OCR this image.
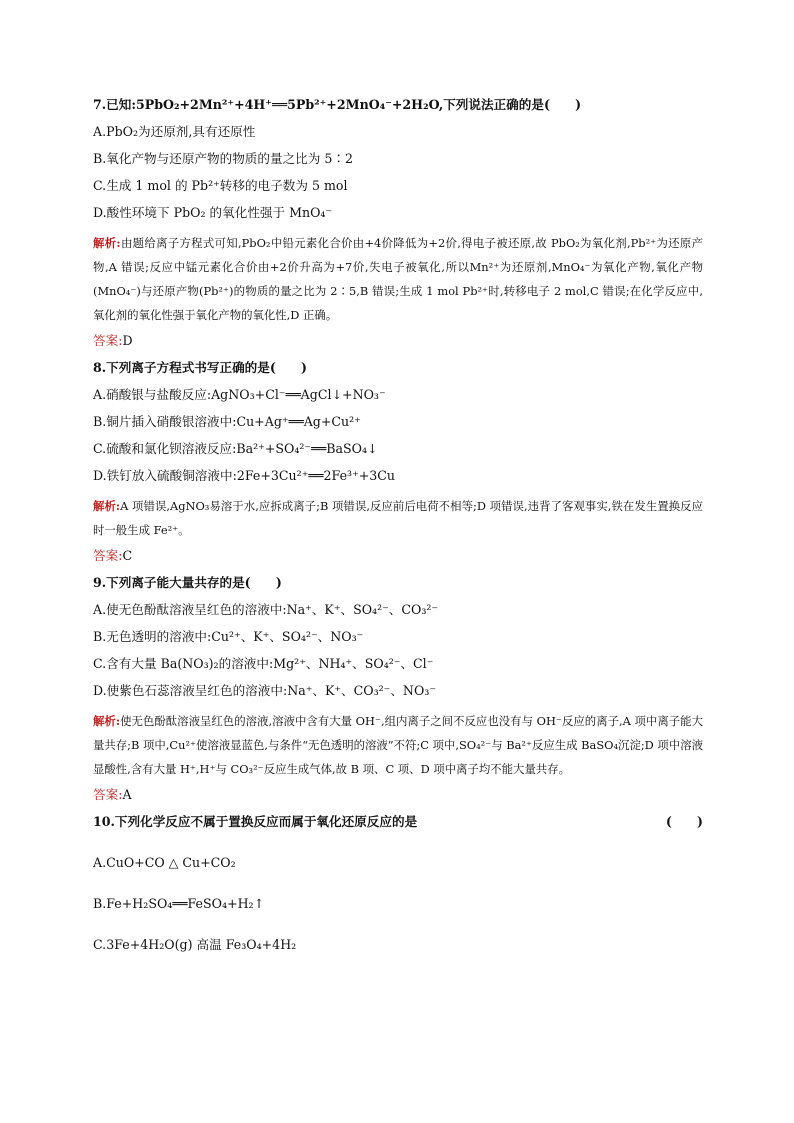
7.已知:5PbO₂+2Mn²⁺+4H⁺══5Pb²⁺+2MnO₄⁻+2H₂O,下列说法正确的是(　　)
A.PbO₂为还原剂,具有还原性
B.氧化产物与还原产物的物质的量之比为 5∶2
C.生成 1 mol 的 Pb²⁺转移的电子数为 5 mol
D.酸性环境下 PbO₂ 的氧化性强于 MnO₄⁻
解析:由题给离子方程式可知,PbO₂中铅元素化合价由+4价降低为+2价,得电子被还原,故 PbO₂为氧化剂,Pb²⁺为还原产物,A 错误;反应中锰元素化合价由+2价升高为+7价,失电子被氧化,所以Mn²⁺为还原剂,MnO₄⁻为氧化产物,氧化产物(MnO₄⁻)与还原产物(Pb²⁺)的物质的量之比为 2∶5,B 错误;生成 1 mol Pb²⁺时,转移电子 2 mol,C 错误;在化学反应中,氧化剂的氧化性强于氧化产物的氧化性,D 正确。
答案:D
8.下列离子方程式书写正确的是(　　)
A.硝酸银与盐酸反应:AgNO₃+Cl⁻══AgCl↓+NO₃⁻
B.铜片插入硝酸银溶液中:Cu+Ag⁺══Ag+Cu²⁺
C.硫酸和氯化钡溶液反应:Ba²⁺+SO₄²⁻══BaSO₄↓
D.铁钉放入硫酸铜溶液中:2Fe+3Cu²⁺══2Fe³⁺+3Cu
解析:A 项错误,AgNO₃易溶于水,应拆成离子;B 项错误,反应前后电荷不相等;D 项错误,违背了客观事实,铁在发生置换反应时一般生成 Fe²⁺。
答案:C
9.下列离子能大量共存的是(　　)
A.使无色酚酞溶液呈红色的溶液中:Na⁺、K⁺、SO₄²⁻、CO₃²⁻
B.无色透明的溶液中:Cu²⁺、K⁺、SO₄²⁻、NO₃⁻
C.含有大量 Ba(NO₃)₂的溶液中:Mg²⁺、NH₄⁺、SO₄²⁻、Cl⁻
D.使紫色石蕊溶液呈红色的溶液中:Na⁺、K⁺、CO₃²⁻、NO₃⁻
解析:使无色酚酞溶液呈红色的溶液,溶液中含有大量 OH⁻,组内离子之间不反应也没有与 OH⁻反应的离子,A 项中离子能大量共存;B 项中,Cu²⁺使溶液显蓝色,与条件“无色透明的溶液”不符;C 项中,SO₄²⁻与 Ba²⁺反应生成 BaSO₄沉淀;D 项中溶液显酸性,含有大量 H⁺,H⁺与 CO₃²⁻反应生成气体,故 B 项、C 项、D 项中离子均不能大量共存。
答案:A
10.下列化学反应不属于置换反应而属于氧化还原反应的是	(　　)
A.CuO+CO △ Cu+CO₂
B.Fe+H₂SO₄══FeSO₄+H₂↑
C.3Fe+4H₂O(g) 高温 Fe₃O₄+4H₂
